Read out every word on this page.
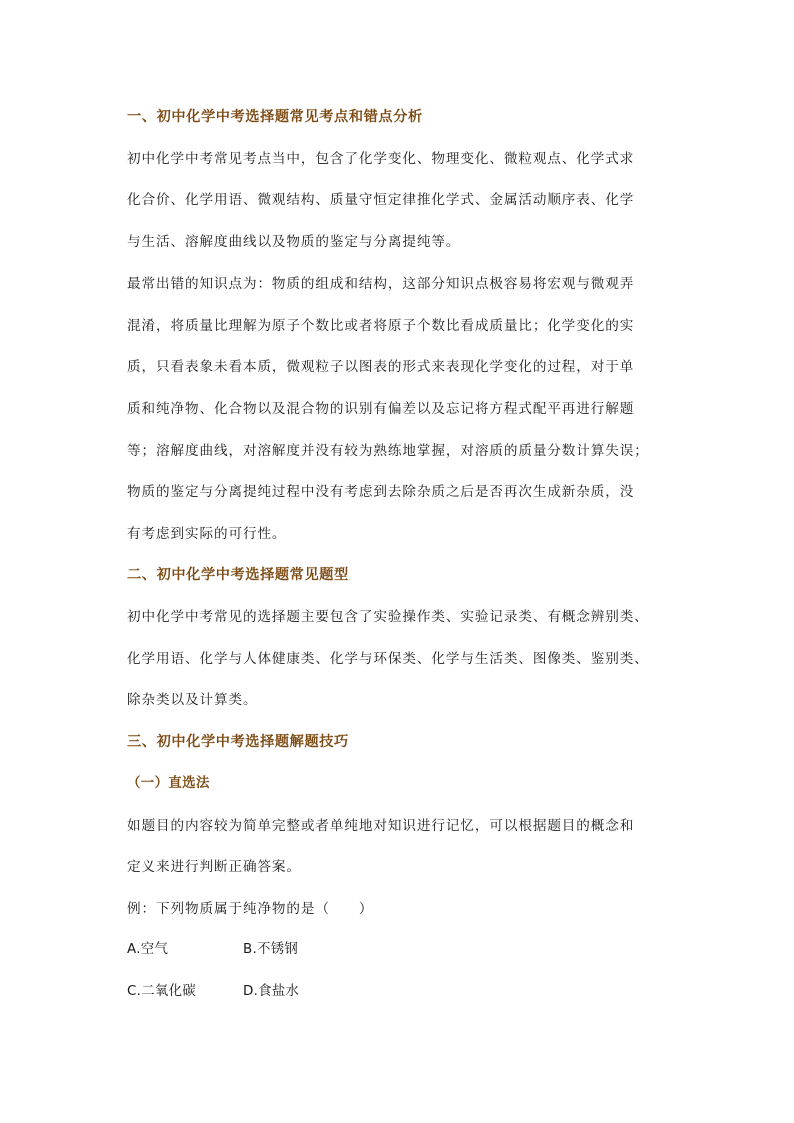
一、初中化学中考选择题常见考点和错点分析
初中化学中考常见考点当中，包含了化学变化、物理变化、微粒观点、化学式求
化合价、化学用语、微观结构、质量守恒定律推化学式、金属活动顺序表、化学
与生活、溶解度曲线以及物质的鉴定与分离提纯等。
最常出错的知识点为：物质的组成和结构，这部分知识点极容易将宏观与微观弄
混淆，将质量比理解为原子个数比或者将原子个数比看成质量比；化学变化的实
质，只看表象未看本质，微观粒子以图表的形式来表现化学变化的过程，对于单
质和纯净物、化合物以及混合物的识别有偏差以及忘记将方程式配平再进行解题
等；溶解度曲线，对溶解度并没有较为熟练地掌握，对溶质的质量分数计算失误；
物质的鉴定与分离提纯过程中没有考虑到去除杂质之后是否再次生成新杂质，没
有考虑到实际的可行性。
二、初中化学中考选择题常见题型
初中化学中考常见的选择题主要包含了实验操作类、实验记录类、有概念辨别类、
化学用语、化学与人体健康类、化学与环保类、化学与生活类、图像类、鉴别类、
除杂类以及计算类。
三、初中化学中考选择题解题技巧
（一）直选法
如题目的内容较为简单完整或者单纯地对知识进行记忆，可以根据题目的概念和
定义来进行判断正确答案。
例：下列物质属于纯净物的是（　　）
A.空气	B.不锈钢
C.二氧化碳	D.食盐水
